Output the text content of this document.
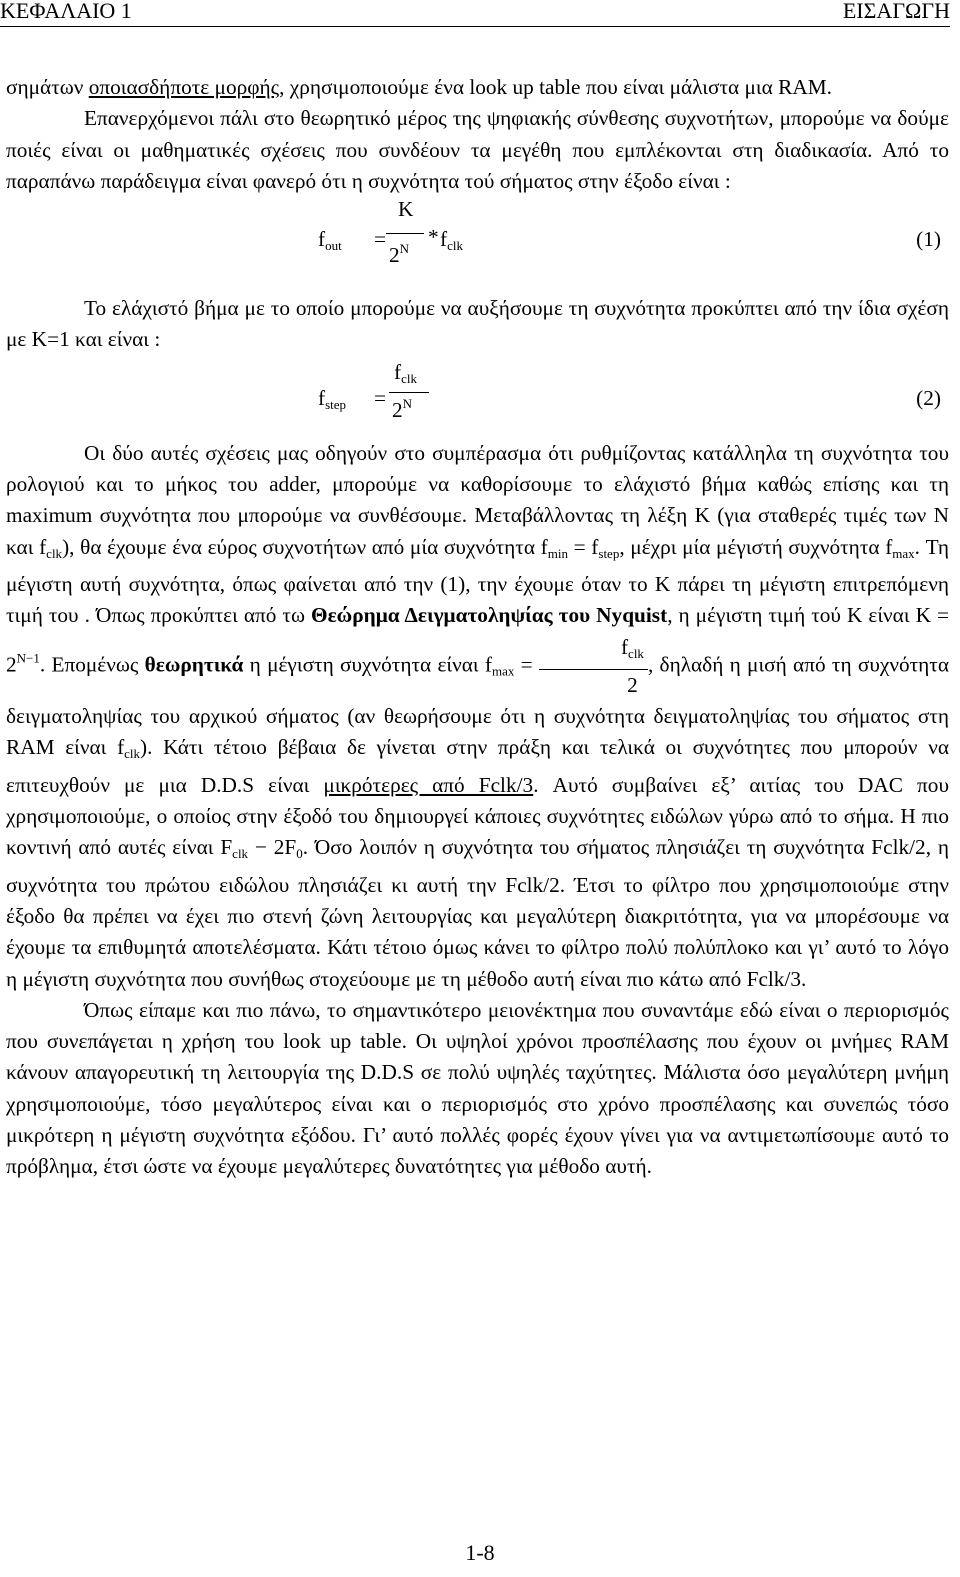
ΚΕΦΑΛΑΙΟ 1	ΕΙΣΑΓΩΓΗ

σημάτων οποιασδήποτε μορφής, χρησιμοποιούμε ένα look up table που είναι μάλιστα μια RAM.

Επανερχόμενοι πάλι στο θεωρητικό μέρος της ψηφιακής σύνθεσης συχνοτήτων, μπορούμε να δούμε ποιές είναι οι μαθηματικές σχέσεις που συνδέουν τα μεγέθη που εμπλέκονται στη διαδικασία. Από το παραπάνω παράδειγμα είναι φανερό ότι η συχνότητα τού σήματος στην έξοδο είναι :

$f_{out}$ =
K
$2^N * f_{clk}$	(1)

Το ελάχιστό βήμα με το οποίο μπορούμε να αυξήσουμε τη συχνότητα προκύπτει από την ίδια σχέση με Κ=1 και είναι :

$f_{step}$ =
$f_{clk}$
$2^N$	(2)

Οι δύο αυτές σχέσεις μας οδηγούν στο συμπέρασμα ότι ρυθμίζοντας κατάλληλα τη συχνότητα του ρολογιού και το μήκος του adder, μπορούμε να καθορίσουμε το ελάχιστό βήμα καθώς επίσης και τη maximum συχνότητα που μπορούμε να συνθέσουμε. Μεταβάλλοντας τη λέξη Κ (για σταθερές τιμές των Ν και $f_{clk}$), θα έχουμε ένα εύρος συχνοτήτων από μία συχνότητα $f_{min} = f_{step}$, μέχρι μία μέγιστή συχνότητα $f_{max}$. Τη μέγιστη αυτή συχνότητα, όπως φαίνεται από την (1), την έχουμε όταν το Κ πάρει τη μέγιστη επιτρεπόμενη τιμή του . Όπως προκύπτει από τω Θεώρημα Δειγματοληψίας του Nyquist, η μέγιστη τιμή τού Κ είναι $K = 2^{N-1}$. Επομένως θεωρητικά η μέγιστη συχνότητα είναι $f_{max} = \frac{f_{clk}}{2}$ , δηλαδή η μισή από τη συχνότητα δειγματοληψίας του αρχικού σήματος (αν θεωρήσουμε ότι η συχνότητα δειγματοληψίας του σήματος στη RAM είναι $f_{clk}$). Κάτι τέτοιο βέβαια δε γίνεται στην πράξη και τελικά οι συχνότητες που μπορούν να επιτευχθούν με μια D.D.S είναι μικρότερες από Fclk/3. Αυτό συμβαίνει εξ’ αιτίας του DAC που χρησιμοποιούμε, ο οποίος στην έξοδό του δημιουργεί κάποιες συχνότητες ειδώλων γύρω από το σήμα. Η πιο κοντινή από αυτές είναι $F_{clk} - 2F_0$. Όσο λοιπόν η συχνότητα του σήματος πλησιάζει τη συχνότητα Fclk/2, η συχνότητα του πρώτου ειδώλου πλησιάζει κι αυτή την Fclk/2. Έτσι το φίλτρο που χρησιμοποιούμε στην έξοδο θα πρέπει να έχει πιο στενή ζώνη λειτουργίας και μεγαλύτερη διακριτότητα, για να μπορέσουμε να έχουμε τα επιθυμητά αποτελέσματα. Κάτι τέτοιο όμως κάνει το φίλτρο πολύ πολύπλοκο και γι’ αυτό το λόγο η μέγιστη συχνότητα που συνήθως στοχεύουμε με τη μέθοδο αυτή είναι πιο κάτω από Fclk/3.

Όπως είπαμε και πιο πάνω, το σημαντικότερο μειονέκτημα που συναντάμε εδώ είναι ο περιορισμός που συνεπάγεται η χρήση του look up table. Οι υψηλοί χρόνοι προσπέλασης που έχουν οι μνήμες RAM κάνουν απαγορευτική τη λειτουργία της D.D.S σε πολύ υψηλές ταχύτητες. Μάλιστα όσο μεγαλύτερη μνήμη χρησιμοποιούμε, τόσο μεγαλύτερος είναι και ο περιορισμός στο χρόνο προσπέλασης και συνεπώς τόσο μικρότερη η μέγιστη συχνότητα εξόδου. Γι’ αυτό πολλές φορές έχουν γίνει για να αντιμετωπίσουμε αυτό το πρόβλημα, έτσι ώστε να έχουμε μεγαλύτερες δυνατότητες για μέθοδο αυτή.

1-8
